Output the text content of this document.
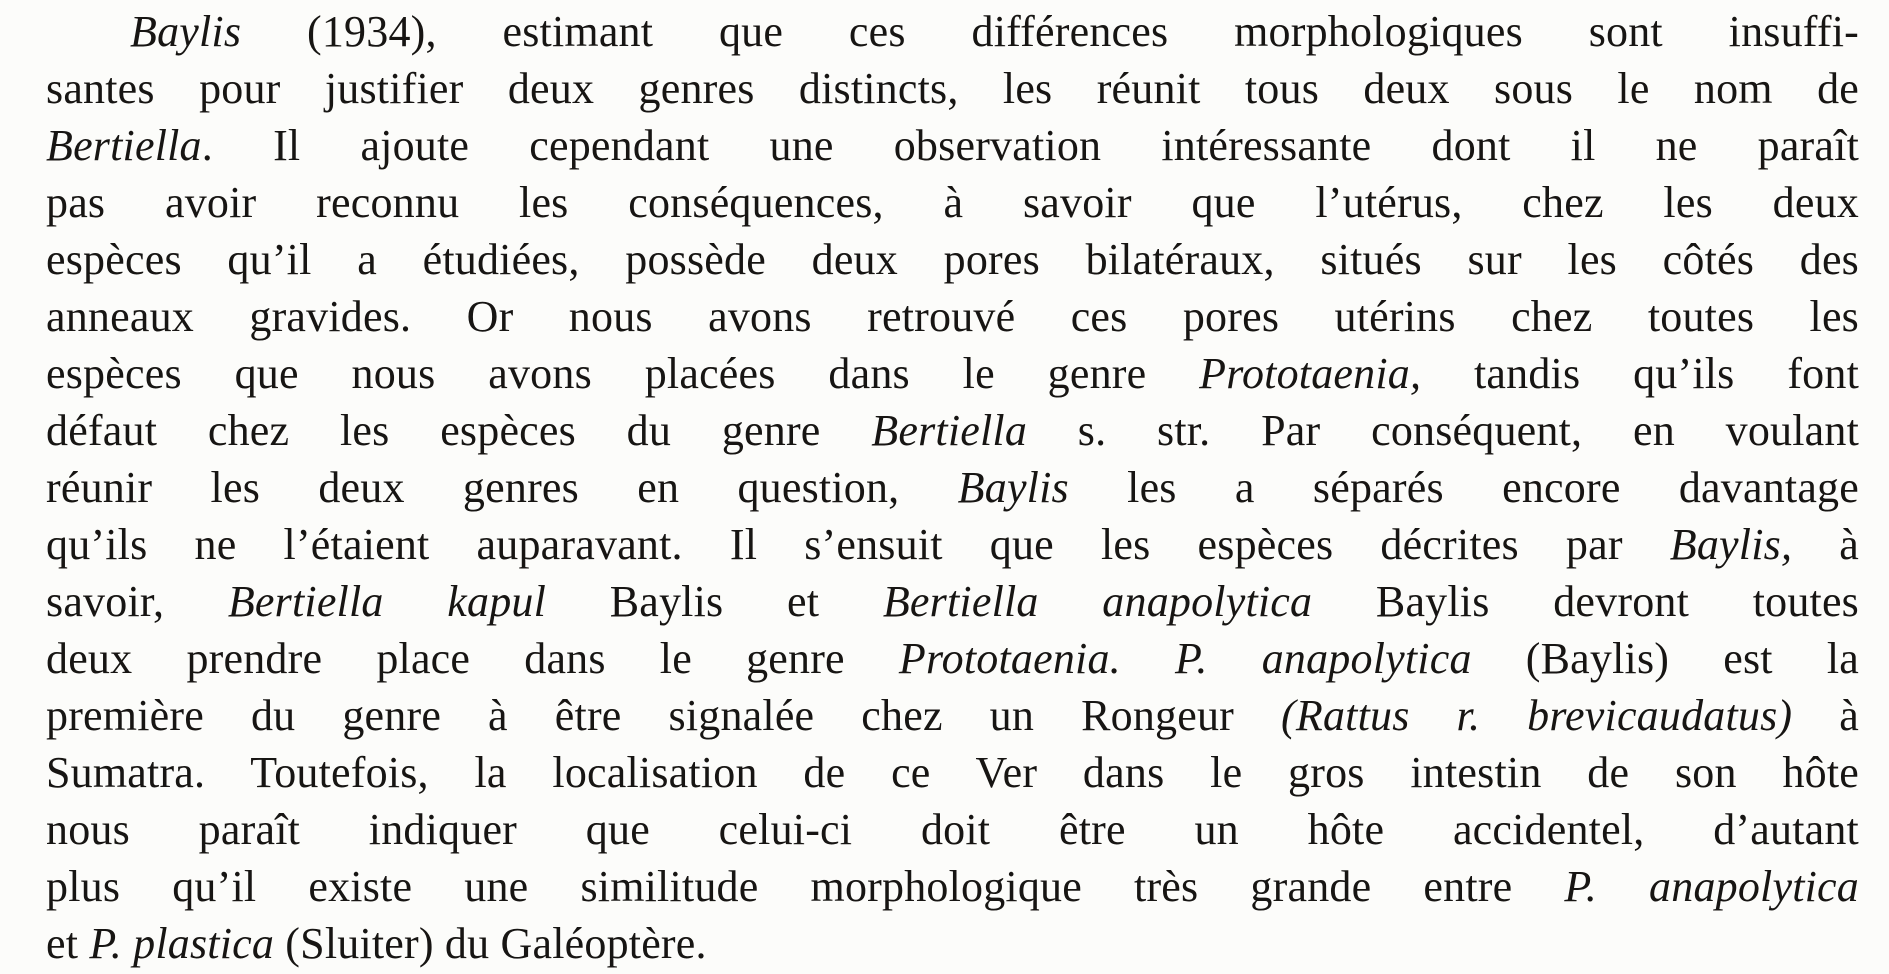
Baylis (1934), estimant que ces différences morphologiques sont insuffi-
santes pour justifier deux genres distincts, les réunit tous deux sous le nom de
Bertiella. Il ajoute cependant une observation intéressante dont il ne paraît
pas avoir reconnu les conséquences, à savoir que l’utérus, chez les deux
espèces qu’il a étudiées, possède deux pores bilatéraux, situés sur les côtés des
anneaux gravides. Or nous avons retrouvé ces pores utérins chez toutes les
espèces que nous avons placées dans le genre Prototaenia, tandis qu’ils font
défaut chez les espèces du genre Bertiella s. str. Par conséquent, en voulant
réunir les deux genres en question, Baylis les a séparés encore davantage
qu’ils ne l’étaient auparavant. Il s’ensuit que les espèces décrites par Baylis, à
savoir, Bertiella kapul Baylis et Bertiella anapolytica Baylis devront toutes
deux prendre place dans le genre Prototaenia. P. anapolytica (Baylis) est la
première du genre à être signalée chez un Rongeur (Rattus r. brevicaudatus) à
Sumatra. Toutefois, la localisation de ce Ver dans le gros intestin de son hôte
nous paraît indiquer que celui-ci doit être un hôte accidentel, d’autant
plus qu’il existe une similitude morphologique très grande entre P. anapolytica
et P. plastica (Sluiter) du Galéoptère.
